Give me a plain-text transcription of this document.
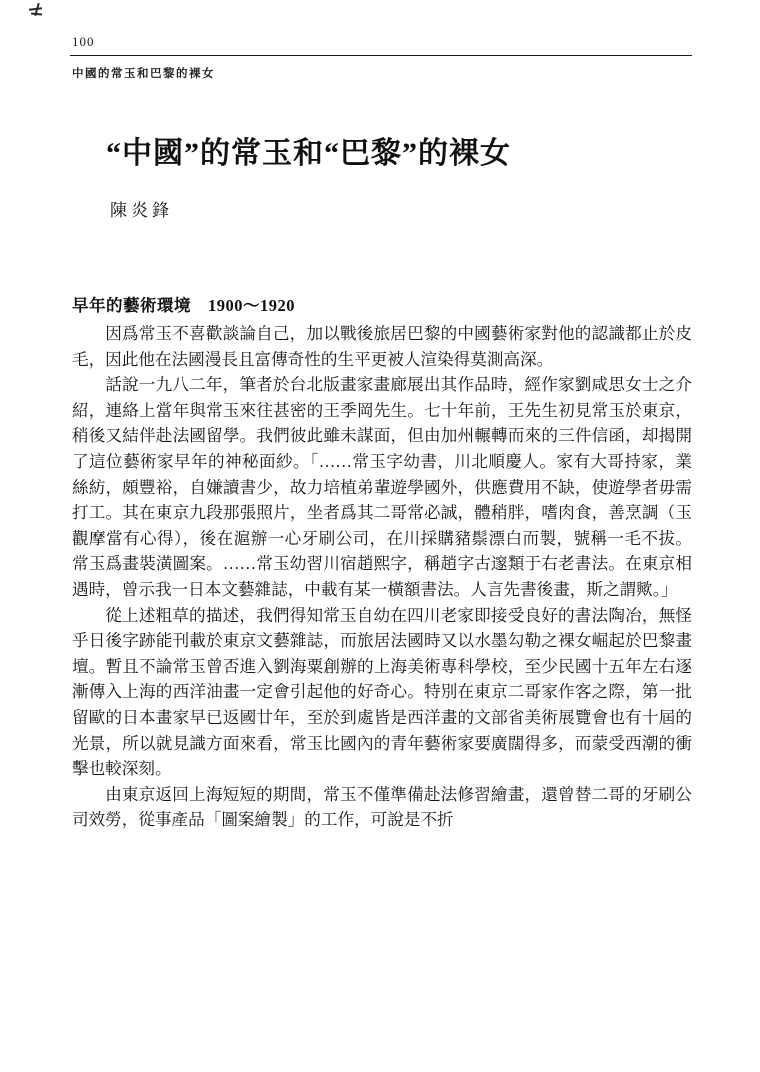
100
中國的常玉和巴黎的裸女
“中國”的常玉和“巴黎”的裸女
陳炎鋒
早年的藝術環境　1900～1920

因爲常玉不喜歡談論自己，加以戰後旅居巴黎的中國藝術家對他的認識都止於皮毛，因此他在法國漫長且富傳奇性的生平更被人渲染得莫測高深。

話說一九八二年，筆者於台北版畫家畫廊展出其作品時，經作家劉咸思女士之介紹，連絡上當年與常玉來往甚密的王季岡先生。七十年前，王先生初見常玉於東京，稍後又結伴赴法國留學。我們彼此雖未謀面，但由加州輾轉而來的三件信函，却揭開了這位藝術家早年的神秘面紗。「……常玉字幼書，川北順慶人。家有大哥持家，業絲紡，頗豐裕，自嫌讀書少，故力培植弟輩遊學國外，供應費用不缺，使遊學者毋需打工。其在東京九段那張照片，坐者爲其二哥常必誠，體稍胖，嗜肉食，善烹調（玉觀摩當有心得），後在滬辦一心牙刷公司，在川採購豬鬃漂白而製，號稱一毛不拔。常玉爲畫裝潢圖案。……常玉幼習川宿趙熙字，稱趙字古邃類于右老書法。在東京相遇時，曾示我一日本文藝雜誌，中載有某一橫額書法。人言先書後畫，斯之謂歟。」

從上述粗草的描述，我們得知常玉自幼在四川老家即接受良好的書法陶冶，無怪乎日後字跡能刊載於東京文藝雜誌，而旅居法國時又以水墨勾勒之裸女崛起於巴黎畫壇。暫且不論常玉曾否進入劉海粟創辦的上海美術專科學校，至少民國十五年左右逐漸傳入上海的西洋油畫一定會引起他的好奇心。特別在東京二哥家作客之際，第一批留歐的日本畫家早已返國廿年，至於到處皆是西洋畫的文部省美術展覽會也有十屆的光景，所以就見識方面來看，常玉比國內的青年藝術家要廣闊得多，而蒙受西潮的衝擊也較深刻。

由東京返回上海短短的期間，常玉不僅準備赴法修習繪畫，還曾替二哥的牙刷公司效勞，從事產品「圖案繪製」的工作，可說是不折
